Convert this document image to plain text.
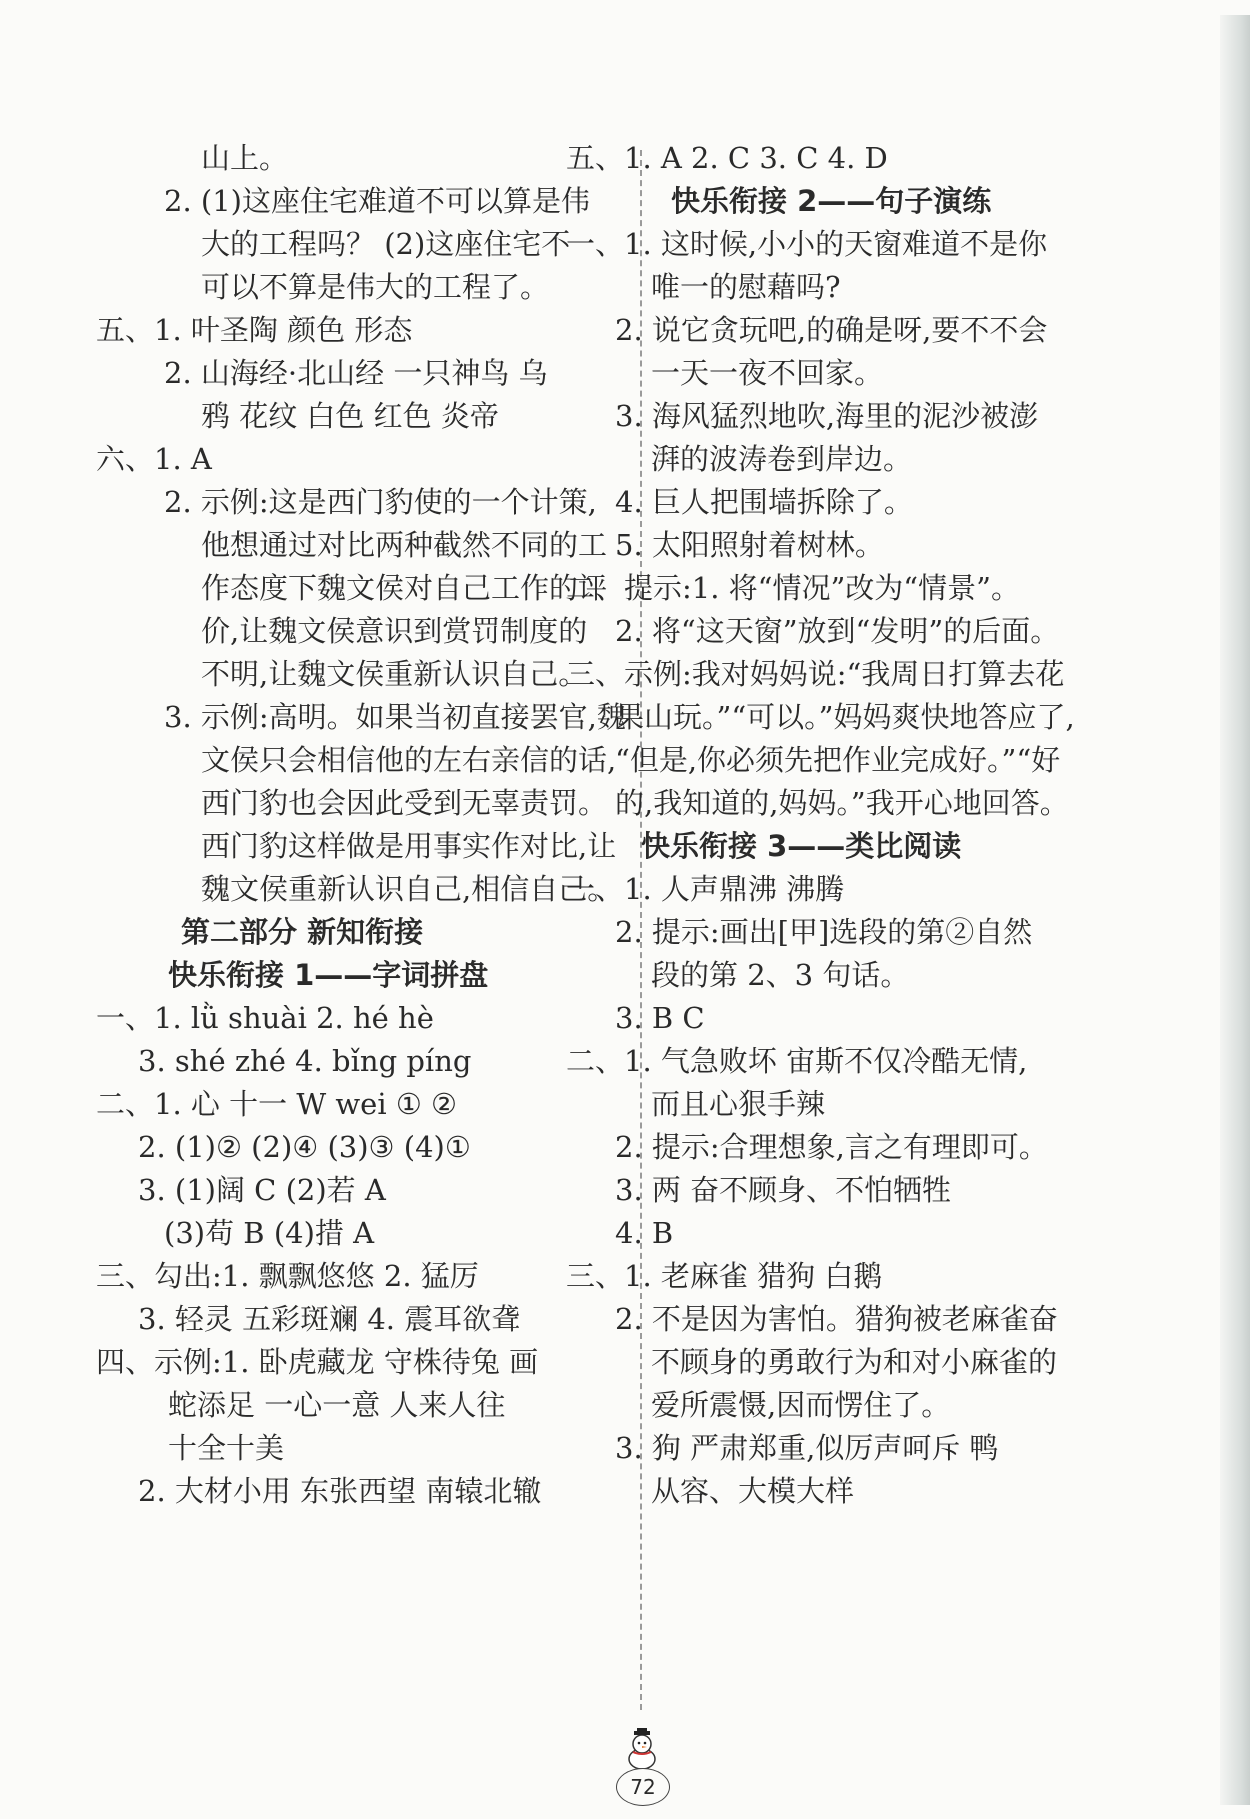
山上。
2. (1)这座住宅难道不可以算是伟
大的工程吗？ (2)这座住宅不
可以不算是伟大的工程了。
五、1. 叶圣陶 颜色 形态
2. 山海经·北山经 一只神鸟 乌
鸦 花纹 白色 红色 炎帝
六、1. A
2. 示例:这是西门豹使的一个计策,
他想通过对比两种截然不同的工
作态度下魏文侯对自己工作的评
价,让魏文侯意识到赏罚制度的
不明,让魏文侯重新认识自己。
3. 示例:高明。如果当初直接罢官,魏
文侯只会相信他的左右亲信的话,
西门豹也会因此受到无辜责罚。
西门豹这样做是用事实作对比,让
魏文侯重新认识自己,相信自己。
第二部分 新知衔接
快乐衔接 1——字词拼盘
一、1. lǜ shuài 2. hé hè
3. shé zhé 4. bǐng píng
二、1. 心 十一 W wei ① ②
2. (1)② (2)④ (3)③ (4)①
3. (1)阔 C (2)若 A
(3)苟 B (4)措 A
三、勾出:1. 飘飘悠悠 2. 猛厉
3. 轻灵 五彩斑斓 4. 震耳欲聋
四、示例:1. 卧虎藏龙 守株待兔 画
蛇添足 一心一意 人来人往
十全十美
2. 大材小用 东张西望 南辕北辙
五、1. A 2. C 3. C 4. D
快乐衔接 2——句子演练
一、1. 这时候,小小的天窗难道不是你
唯一的慰藉吗?
2. 说它贪玩吧,的确是呀,要不不会
一天一夜不回家。
3. 海风猛烈地吹,海里的泥沙被澎
湃的波涛卷到岸边。
4. 巨人把围墙拆除了。
5. 太阳照射着树林。
二、提示:1. 将“情况”改为“情景”。
2. 将“这天窗”放到“发明”的后面。
三、示例:我对妈妈说:“我周日打算去花
果山玩。”“可以。”妈妈爽快地答应了,
“但是,你必须先把作业完成好。”“好
的,我知道的,妈妈。”我开心地回答。
快乐衔接 3——类比阅读
一、1. 人声鼎沸 沸腾
2. 提示:画出[甲]选段的第②自然
段的第 2、3 句话。
3. B C
二、1. 气急败坏 宙斯不仅冷酷无情,
而且心狠手辣
2. 提示:合理想象,言之有理即可。
3. 两 奋不顾身、不怕牺牲
4. B
三、1. 老麻雀 猎狗 白鹅
2. 不是因为害怕。猎狗被老麻雀奋
不顾身的勇敢行为和对小麻雀的
爱所震慑,因而愣住了。
3. 狗 严肃郑重,似厉声呵斥 鸭
从容、大模大样
72
